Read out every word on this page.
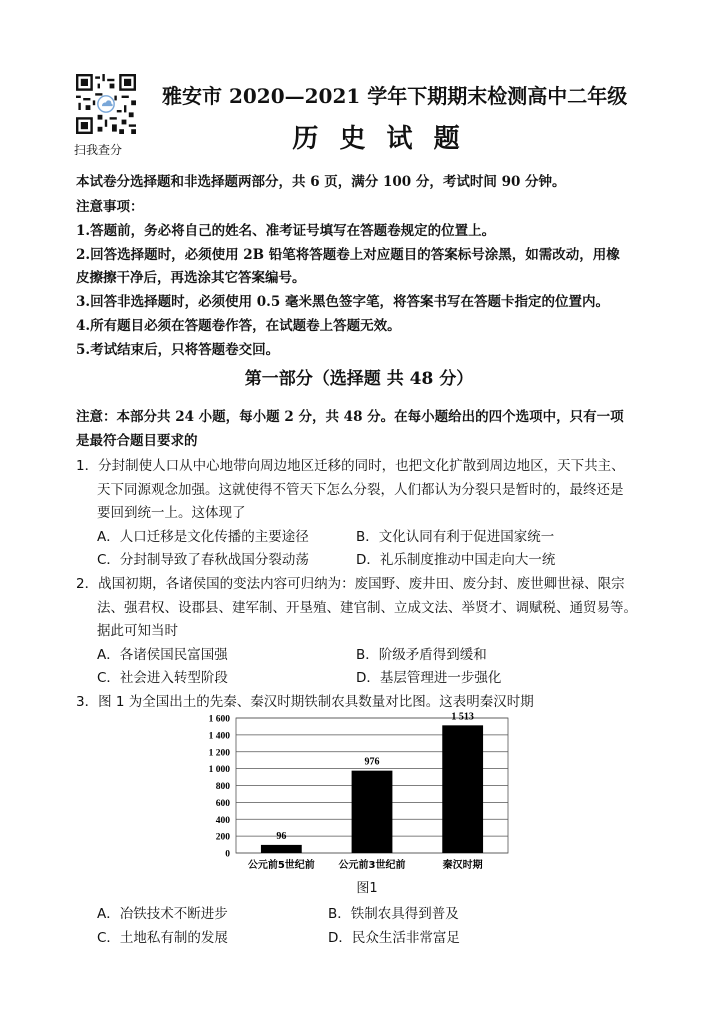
扫我查分
雅安市 2020—2021 学年下期期末检测高中二年级
历 史 试 题
本试卷分选择题和非选择题两部分，共 6 页，满分 100 分，考试时间 90 分钟。
注意事项：
1.答题前，务必将自己的姓名、准考证号填写在答题卷规定的位置上。
2.回答选择题时，必须使用 2B 铅笔将答题卷上对应题目的答案标号涂黑，如需改动，用橡
皮擦擦干净后，再选涂其它答案编号。
3.回答非选择题时，必须使用 0.5 毫米黑色签字笔，将答案书写在答题卡指定的位置内。
4.所有题目必须在答题卷作答，在试题卷上答题无效。
5.考试结束后，只将答题卷交回。
第一部分（选择题 共 48 分）
注意：本部分共 24 小题，每小题 2 分，共 48 分。在每小题给出的四个选项中，只有一项
是最符合题目要求的
1．分封制使人口从中心地带向周边地区迁移的同时，也把文化扩散到周边地区，天下共主、
天下同源观念加强。这就使得不管天下怎么分裂，人们都认为分裂只是暂时的，最终还是
要回到统一上。这体现了
A．人口迁移是文化传播的主要途径	B．文化认同有利于促进国家统一
C．分封制导致了春秋战国分裂动荡	D．礼乐制度推动中国走向大一统
2．战国初期，各诸侯国的变法内容可归纳为：废国野、废井田、废分封、废世卿世禄、限宗
法、强君权、设郡县、建军制、开垦殖、建官制、立成文法、举贤才、调赋税、通贸易等。
据此可知当时
A．各诸侯国民富国强	B．阶级矛盾得到缓和
C．社会进入转型阶段	D．基层管理进一步强化
3．图 1 为全国出土的先秦、秦汉时期铁制农具数量对比图。这表明秦汉时期
0
200
400
600
800
1 000
1 200
1 400
1 600
96
976
1 513
公元前5世纪前 公元前3世纪前	秦汉时期
图1
A．冶铁技术不断进步	B．铁制农具得到普及
C．土地私有制的发展	D．民众生活非常富足
